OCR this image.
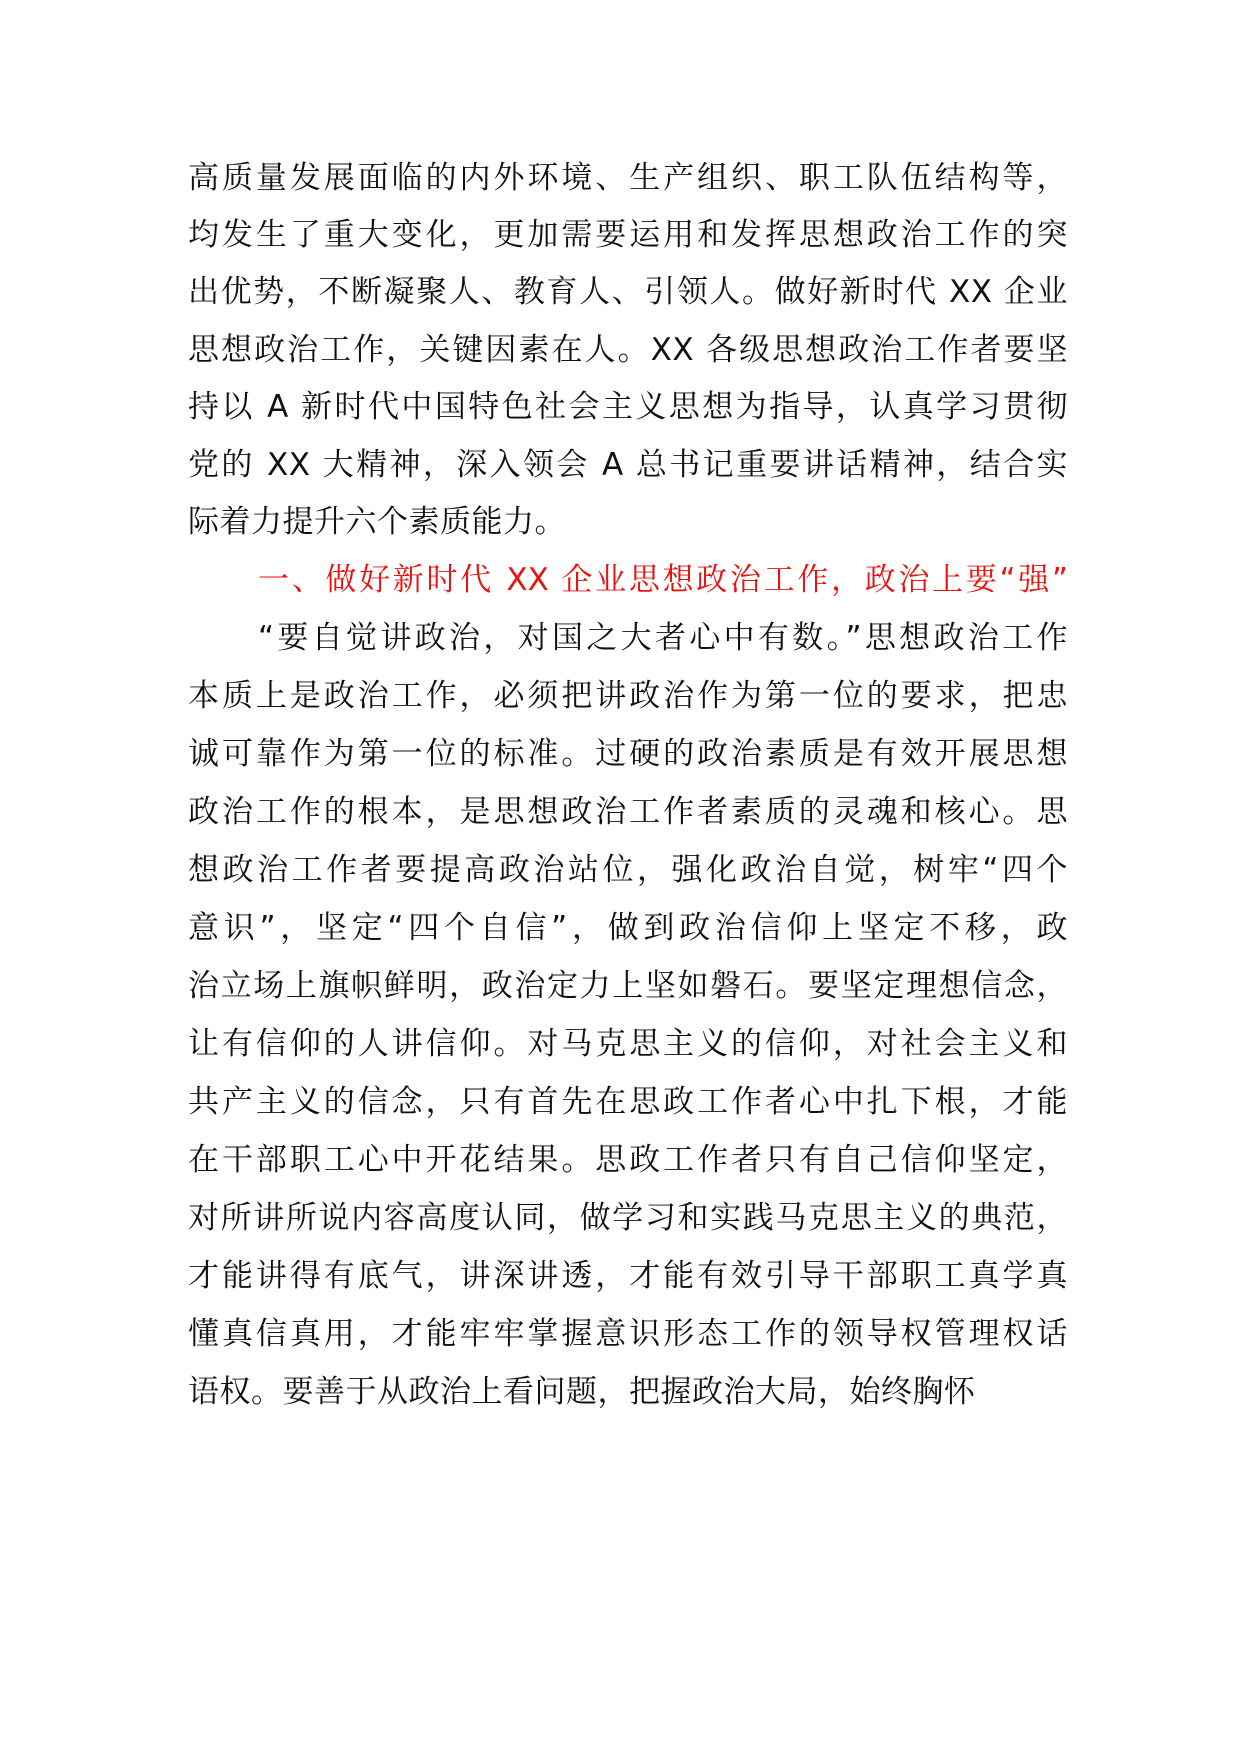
高质量发展面临的内外环境、生产组织、职工队伍结构等，
均发生了重大变化，更加需要运用和发挥思想政治工作的突
出优势，不断凝聚人、教育人、引领人。做好新时代 XX 企业
思想政治工作，关键因素在人。XX 各级思想政治工作者要坚
持以 A 新时代中国特色社会主义思想为指导，认真学习贯彻
党的 XX 大精神，深入领会 A 总书记重要讲话精神，结合实
际着力提升六个素质能力。
一、做好新时代 XX 企业思想政治工作，政治上要“强”
“要自觉讲政治，对国之大者心中有数。”思想政治工作
本质上是政治工作，必须把讲政治作为第一位的要求，把忠
诚可靠作为第一位的标准。过硬的政治素质是有效开展思想
政治工作的根本，是思想政治工作者素质的灵魂和核心。思
想政治工作者要提高政治站位，强化政治自觉，树牢“四个
意识”，坚定“四个自信”，做到政治信仰上坚定不移，政
治立场上旗帜鲜明，政治定力上坚如磐石。要坚定理想信念，
让有信仰的人讲信仰。对马克思主义的信仰，对社会主义和
共产主义的信念，只有首先在思政工作者心中扎下根，才能
在干部职工心中开花结果。思政工作者只有自己信仰坚定，
对所讲所说内容高度认同，做学习和实践马克思主义的典范，
才能讲得有底气，讲深讲透，才能有效引导干部职工真学真
懂真信真用，才能牢牢掌握意识形态工作的领导权管理权话
语权。要善于从政治上看问题，把握政治大局，始终胸怀
